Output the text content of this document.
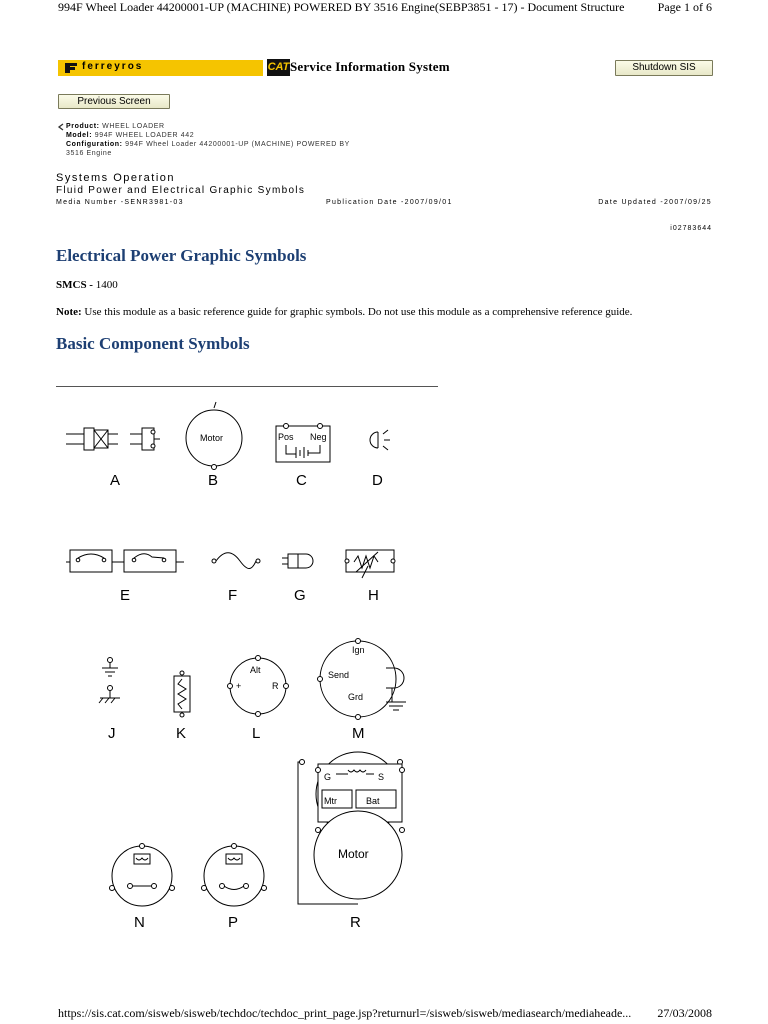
994F Wheel Loader 44200001-UP (MACHINE) POWERED BY 3516 Engine(SEBP3851 - 17) - Document Structure	Page 1 of 6
ferreyros	CAT Service Information System	Shutdown SIS
Previous Screen
Product: WHEEL LOADER
Model: 994F WHEEL LOADER 442
Configuration: 994F Wheel Loader 44200001-UP (MACHINE) POWERED BY
3516 Engine
Systems Operation
Fluid Power and Electrical Graphic Symbols
Media Number -SENR3981-03	Publication Date -2007/09/01	Date Updated -2007/09/25
i02783644
Electrical Power Graphic Symbols
SMCS - 1400
Note: Use this module as a basic reference guide for graphic symbols. Do not use this module as a comprehensive reference guide.
Basic Component Symbols
Motor	Pos Neg
A	B	C	D
E	F	G	H
Alt
+	R
Ign
Send
Grd
J	K	L	M
G	S
Mtr	Bat
Motor
N	P	R
https://sis.cat.com/sisweb/sisweb/techdoc/techdoc_print_page.jsp?returnurl=/sisweb/sisweb/mediasearch/mediaheade... 27/03/2008
